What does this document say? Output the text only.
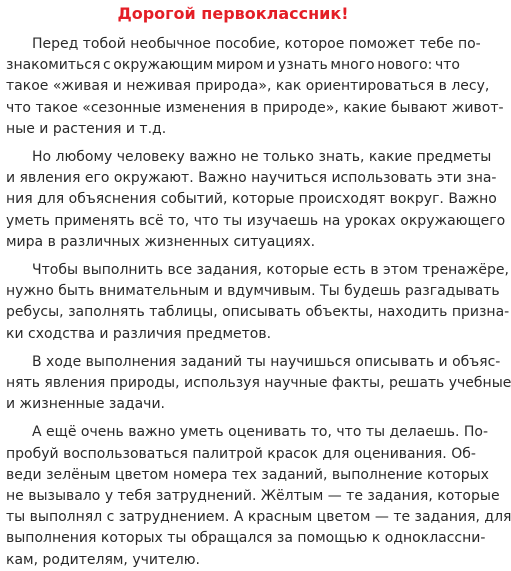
Дорогой первоклассник!
Перед тобой необычное пособие, которое поможет тебе по-
знакомиться с окружающим миром и узнать много нового: что
такое «живая и неживая природа», как ориентироваться в лесу,
что такое «сезонные изменения в природе», какие бывают живот-
ные и растения и т.д.
Но любому человеку важно не только знать, какие предметы
и явления его окружают. Важно научиться использовать эти зна-
ния для объяснения событий, которые происходят вокруг. Важно
уметь применять всё то, что ты изучаешь на уроках окружающего
мира в различных жизненных ситуациях.
Чтобы выполнить все задания, которые есть в этом тренажёре,
нужно быть внимательным и вдумчивым. Ты будешь разгадывать
ребусы, заполнять таблицы, описывать объекты, находить призна-
ки сходства и различия предметов.
В ходе выполнения заданий ты научишься описывать и объяс-
нять явления природы, используя научные факты, решать учебные
и жизненные задачи.
А ещё очень важно уметь оценивать то, что ты делаешь. По-
пробуй воспользоваться палитрой красок для оценивания. Об-
веди зелёным цветом номера тех заданий, выполнение которых
не вызывало у тебя затруднений. Жёлтым — те задания, которые
ты выполнял с затруднением. А красным цветом — те задания, для
выполнения которых ты обращался за помощью к одноклассни-
кам, родителям, учителю.
